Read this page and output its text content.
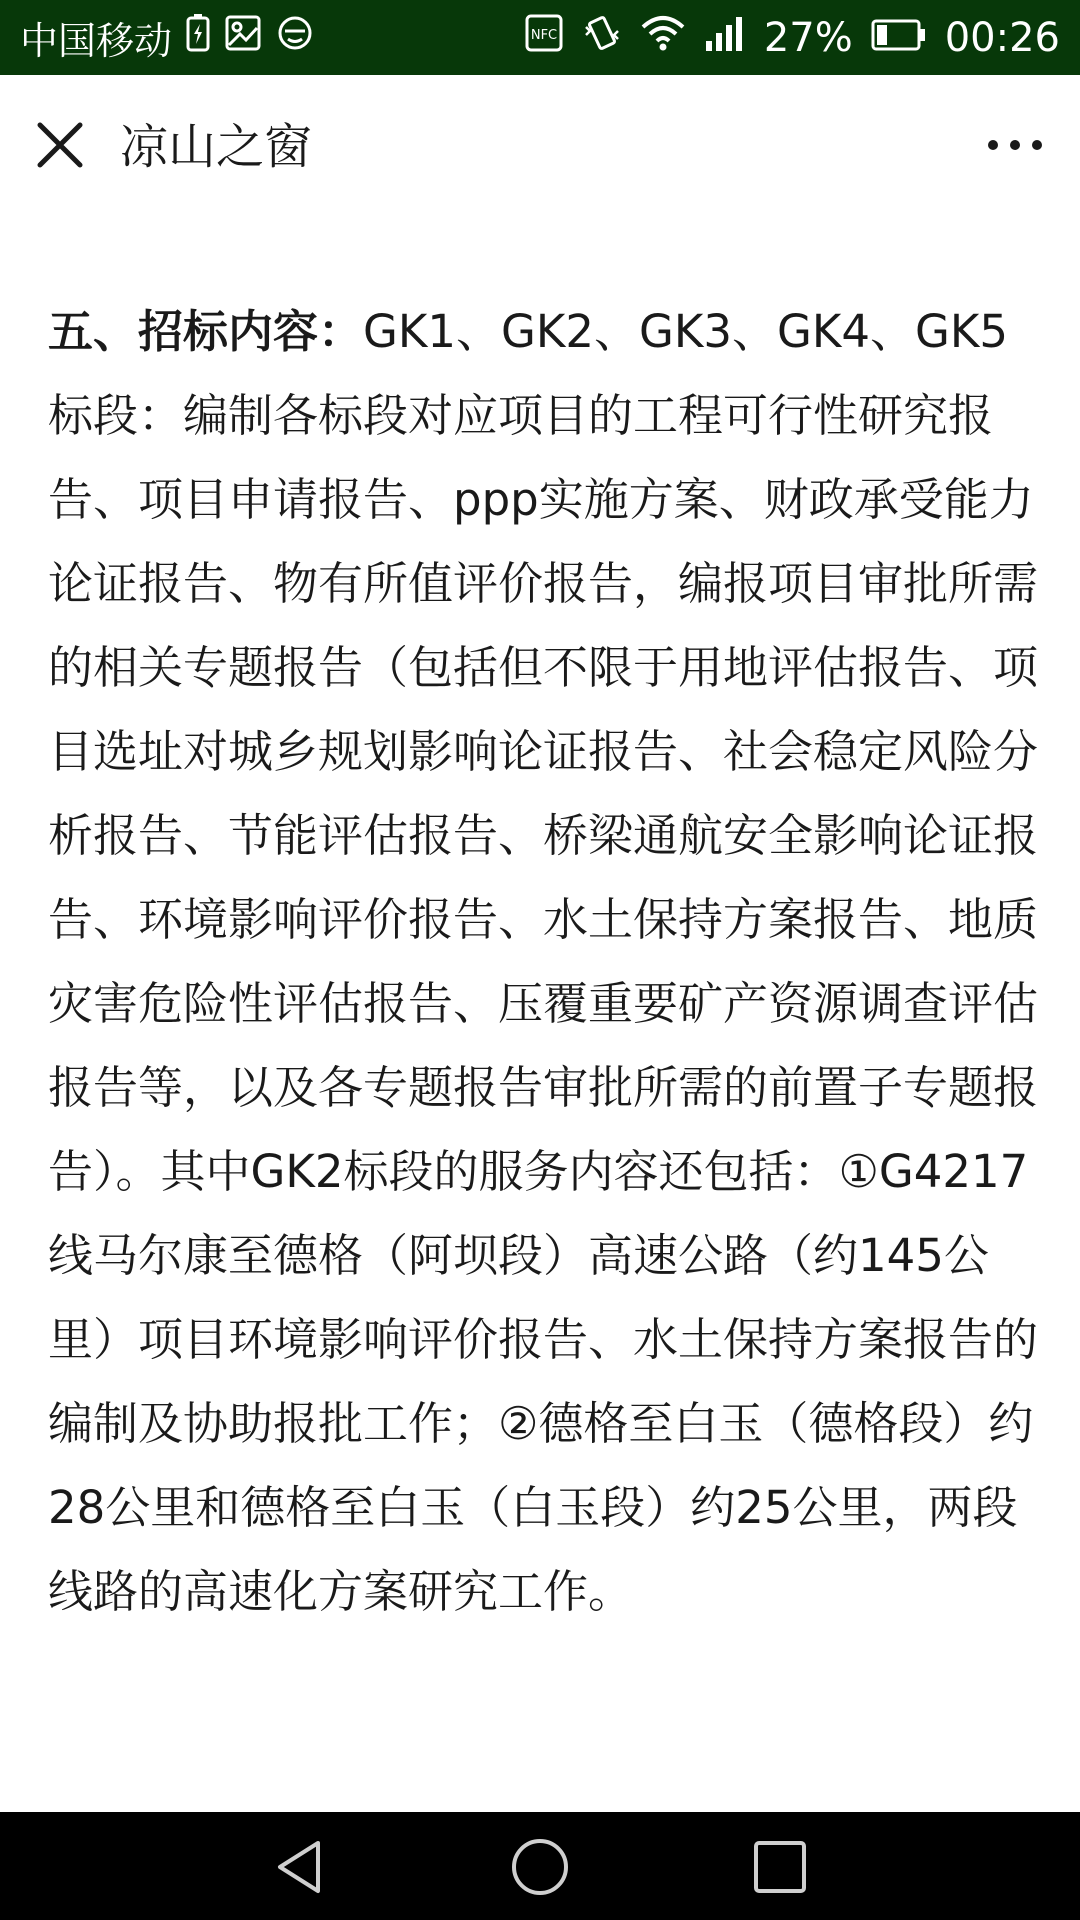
中国移动	NFC	27% 00:26
凉山之窗
五、招标内容：GK1、GK2、GK3、GK4、GK5标段：编制各标段对应项目的工程可行性研究报告、项目申请报告、ppp实施方案、财政承受能力论证报告、物有所值评价报告，编报项目审批所需的相关专题报告（包括但不限于用地评估报告、项目选址对城乡规划影响论证报告、社会稳定风险分析报告、节能评估报告、桥梁通航安全影响论证报告、环境影响评价报告、水土保持方案报告、地质灾害危险性评估报告、压覆重要矿产资源调查评估报告等，以及各专题报告审批所需的前置子专题报告）。其中GK2标段的服务内容还包括：①G4217线马尔康至德格（阿坝段）高速公路（约145公里）项目环境影响评价报告、水土保持方案报告的编制及协助报批工作；②德格至白玉（德格段）约28公里和德格至白玉（白玉段）约25公里，两段线路的高速化方案研究工作。
